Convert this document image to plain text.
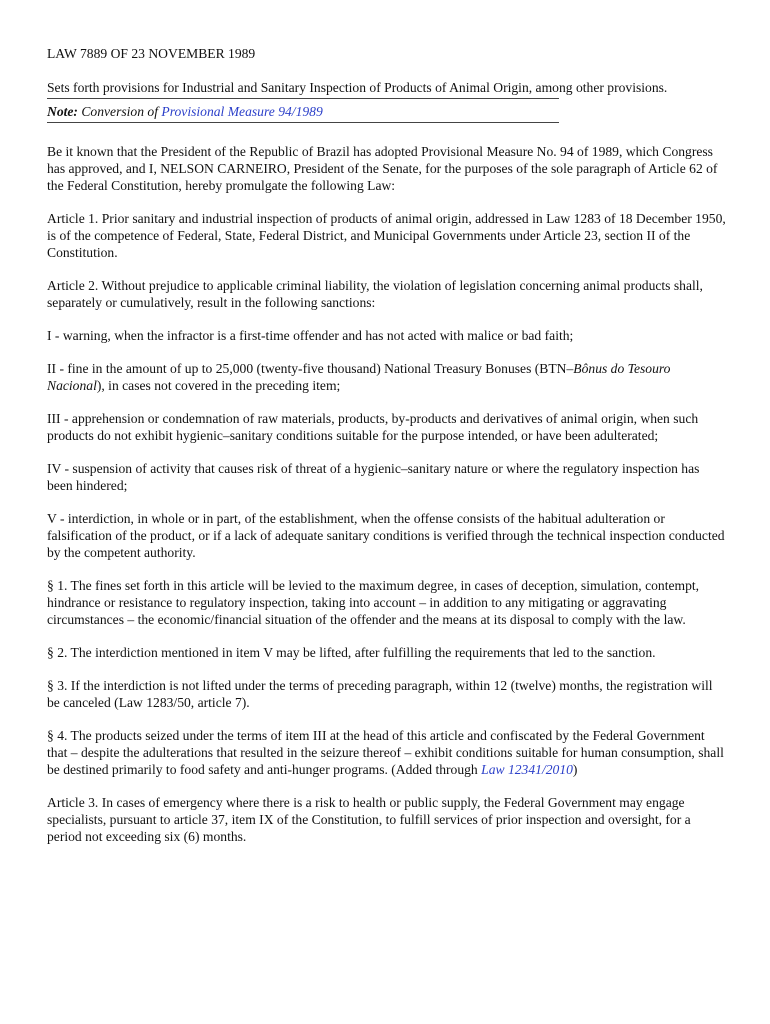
LAW 7889 OF 23 NOVEMBER 1989

Sets forth provisions for Industrial and Sanitary Inspection of Products of Animal Origin, among other provisions.

Note: Conversion of Provisional Measure 94/1989

Be it known that the President of the Republic of Brazil has adopted Provisional Measure No. 94 of 1989, which Congress has approved, and I, NELSON CARNEIRO, President of the Senate, for the purposes of the sole paragraph of Article 62 of the Federal Constitution, hereby promulgate the following Law:

Article 1. Prior sanitary and industrial inspection of products of animal origin, addressed in Law 1283 of 18 December 1950, is of the competence of Federal, State, Federal District, and Municipal Governments under Article 23, section II of the Constitution.

Article 2. Without prejudice to applicable criminal liability, the violation of legislation concerning animal products shall, separately or cumulatively, result in the following sanctions:

I - warning, when the infractor is a first-time offender and has not acted with malice or bad faith;

II - fine in the amount of up to 25,000 (twenty-five thousand) National Treasury Bonuses (BTN–Bônus do Tesouro Nacional), in cases not covered in the preceding item;

III - apprehension or condemnation of raw materials, products, by-products and derivatives of animal origin, when such products do not exhibit hygienic–sanitary conditions suitable for the purpose intended, or have been adulterated;

IV - suspension of activity that causes risk of threat of a hygienic–sanitary nature or where the regulatory inspection has been hindered;

V - interdiction, in whole or in part, of the establishment, when the offense consists of the habitual adulteration or falsification of the product, or if a lack of adequate sanitary conditions is verified through the technical inspection conducted by the competent authority.

§ 1. The fines set forth in this article will be levied to the maximum degree, in cases of deception, simulation, contempt, hindrance or resistance to regulatory inspection, taking into account – in addition to any mitigating or aggravating circumstances – the economic/financial situation of the offender and the means at its disposal to comply with the law.

§ 2. The interdiction mentioned in item V may be lifted, after fulfilling the requirements that led to the sanction.

§ 3. If the interdiction is not lifted under the terms of preceding paragraph, within 12 (twelve) months, the registration will be canceled (Law 1283/50, article 7).

§ 4. The products seized under the terms of item III at the head of this article and confiscated by the Federal Government that – despite the adulterations that resulted in the seizure thereof – exhibit conditions suitable for human consumption, shall be destined primarily to food safety and anti-hunger programs. (Added through Law 12341/2010)

Article 3. In cases of emergency where there is a risk to health or public supply, the Federal Government may engage specialists, pursuant to article 37, item IX of the Constitution, to fulfill services of prior inspection and oversight, for a period not exceeding six (6) months.
